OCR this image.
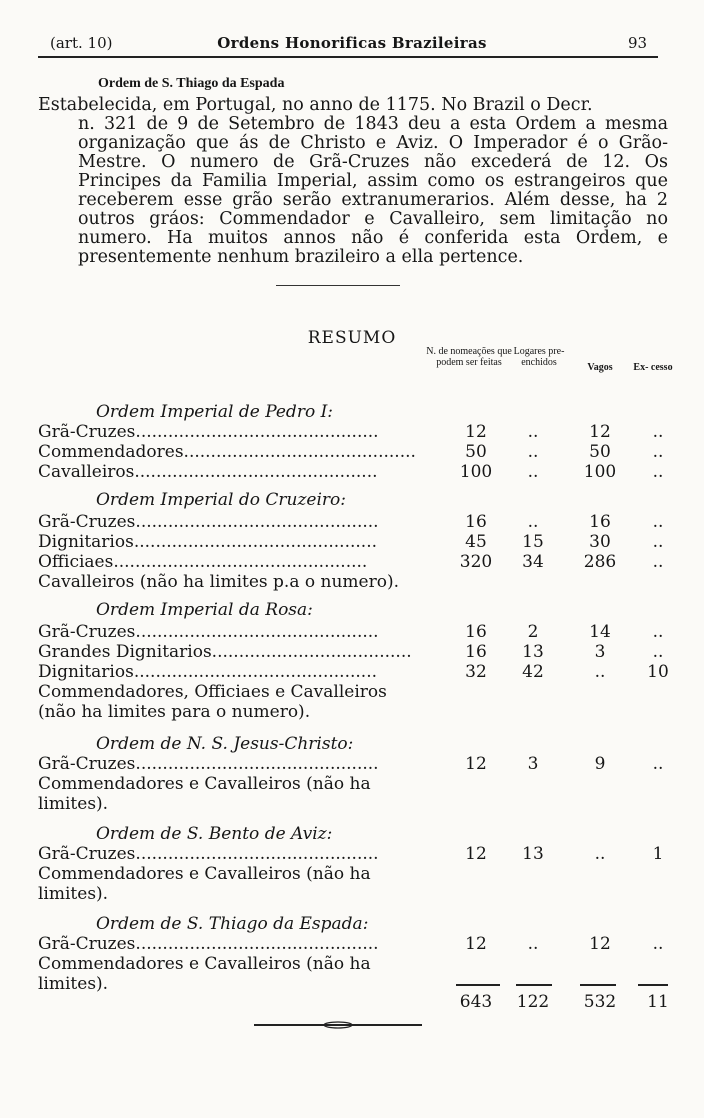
(art. 10)	Ordens Honorificas Brazileiras	93
Ordem de S. Thiago da Espada
Estabelecida, em Portugal, no anno de 1175. No Brazil o Decr.
n. 321 de 9 de Setembro de 1843 deu a esta Ordem a mesma organização que ás de Christo e Aviz. O Imperador é o Grão-Mestre. O numero de Grã-Cruzes não excederá de 12. Os Principes da Familia Imperial, assim como os estrangeiros que receberem esse grão serão extranumerarios. Além desse, ha 2 outros gráos: Commendador e Cavalleiro, sem limitação no numero. Ha muitos annos não é conferida esta Ordem, e presentemente nenhum brazileiro a ella pertence.
RESUMO
N. de nomeações que podem ser feitas
Logares pre- enchidos	Vagos	Ex- cesso
Ordem Imperial de Pedro I:
Grã-Cruzes.............................................	12	..	12	..
Commendadores...........................................	50	..	50	..
Cavalleiros.............................................	100	..	100	..
Ordem Imperial do Cruzeiro:
Grã-Cruzes.............................................	16	..	16	..
Dignitarios.............................................	45	15	30	..
Officiaes...............................................	320	34	286	..
Cavalleiros (não ha limites p.a o numero).
Ordem Imperial da Rosa:
Grã-Cruzes.............................................	16	2	14	..
Grandes Dignitarios.....................................	16	13	3	..
Dignitarios.............................................	32	42	..	10
Commendadores, Officiaes e Cavalleiros (não ha limites para o numero).
Ordem de N. S. Jesus-Christo:
Grã-Cruzes.............................................	12	3	9	..
Commendadores e Cavalleiros (não ha limites).
Ordem de S. Bento de Aviz:
Grã-Cruzes.............................................	12	13	..	1
Commendadores e Cavalleiros (não ha limites).
Ordem de S. Thiago da Espada:
Grã-Cruzes.............................................	12	..	12	..
Commendadores e Cavalleiros (não ha limites).
643	122	532	11
